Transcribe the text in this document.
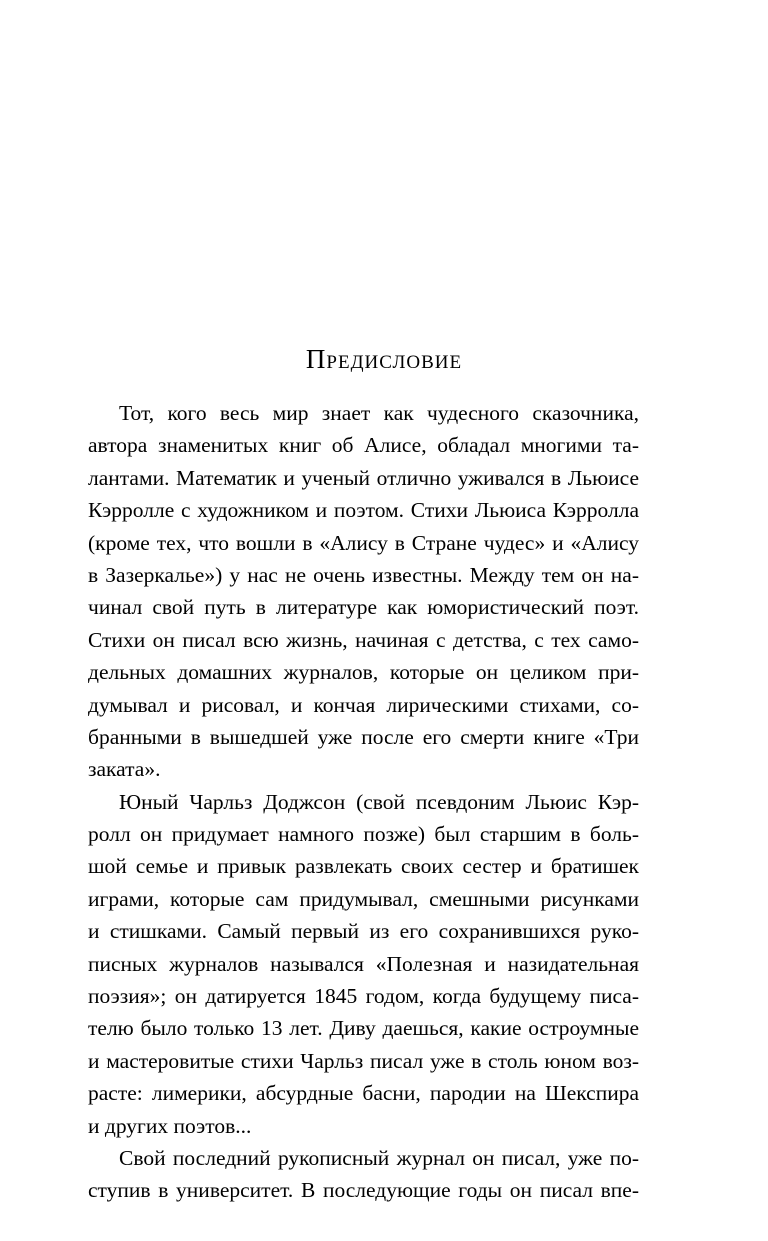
Предисловие
Тот, кого весь мир знает как чудесного сказочника,
автора знаменитых книг об Алисе, обладал многими та-
лантами. Математик и ученый отлично уживался в Льюисе
Кэрролле с художником и поэтом. Стихи Льюиса Кэрролла
(кроме тех, что вошли в «Алису в Стране чудес» и «Алису
в Зазеркалье») у нас не очень известны. Между тем он на-
чинал свой путь в литературе как юмористический поэт.
Стихи он писал всю жизнь, начиная с детства, с тех само-
дельных домашних журналов, которые он целиком при-
думывал и рисовал, и кончая лирическими стихами, со-
бранными в вышедшей уже после его смерти книге «Три
заката».
Юный Чарльз Доджсон (свой псевдоним Льюис Кэр-
ролл он придумает намного позже) был старшим в боль-
шой семье и привык развлекать своих сестер и братишек
играми, которые сам придумывал, смешными рисунками
и стишками. Самый первый из его сохранившихся руко-
писных журналов назывался «Полезная и назидательная
поэзия»; он датируется 1845 годом, когда будущему писа-
телю было только 13 лет. Диву даешься, какие остроумные
и мастеровитые стихи Чарльз писал уже в столь юном воз-
расте: лимерики, абсурдные басни, пародии на Шекспира
и других поэтов...
Свой последний рукописный журнал он писал, уже по-
ступив в университет. В последующие годы он писал впе-
